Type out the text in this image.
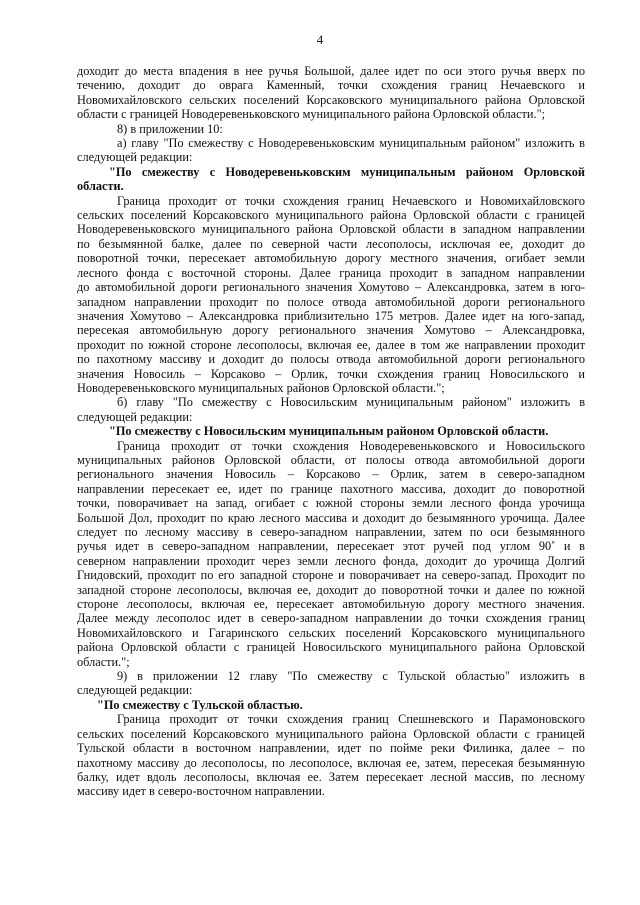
4
доходит до места впадения в нее ручья Большой, далее идет по оси этого ручья вверх по
течению, доходит до оврага Каменный, точки схождения границ Нечаевского и
Новомихайловского сельских поселений Корсаковского муниципального района Орловской
области с границей Новодеревеньковского муниципального района Орловской области.";
8) в приложении 10:
а) главу "По смежеству с Новодеревеньковским муниципальным районом" изложить в
следующей редакции:
"По смежеству с Новодеревеньковским муниципальным районом Орловской
области.
Граница проходит от точки схождения границ Нечаевского и Новомихайловского
сельских поселений Корсаковского муниципального района Орловской области с границей
Новодеревеньковского муниципального района Орловской области в западном направлении
по безымянной балке, далее по северной части лесополосы, исключая ее, доходит до
поворотной точки, пересекает автомобильную дорогу местного значения, огибает земли
лесного фонда с восточной стороны. Далее граница проходит в западном направлении
до автомобильной дороги регионального значения Хомутово – Александровка, затем в юго-
западном направлении проходит по полосе отвода автомобильной дороги регионального
значения Хомутово – Александровка приблизительно 175 метров. Далее идет на юго-запад,
пересекая автомобильную дорогу регионального значения Хомутово – Александровка,
проходит по южной стороне лесополосы, включая ее, далее в том же направлении проходит
по пахотному массиву и доходит до полосы отвода автомобильной дороги регионального
значения Новосиль – Корсаково – Орлик, точки схождения границ Новосильского и
Новодеревеньковского муниципальных районов Орловской области.";
б) главу "По смежеству с Новосильским муниципальным районом" изложить в
следующей редакции:
"По смежеству с Новосильским муниципальным районом Орловской области.
Граница проходит от точки схождения Новодеревеньковского и Новосильского
муниципальных районов Орловской области, от полосы отвода автомобильной дороги
регионального значения Новосиль – Корсаково – Орлик, затем в северо-западном
направлении пересекает ее, идет по границе пахотного массива, доходит до поворотной
точки, поворачивает на запад, огибает с южной стороны земли лесного фонда урочища
Большой Дол, проходит по краю лесного массива и доходит до безымянного урочища. Далее
следует по лесному массиву в северо-западном направлении, затем по оси безымянного
ручья идет в северо-западном направлении, пересекает этот ручей под углом 90˚ и в
северном направлении проходит через земли лесного фонда, доходит до урочища Долгий
Гнидовский, проходит по его западной стороне и поворачивает на северо-запад. Проходит по
западной стороне лесополосы, включая ее, доходит до поворотной точки и далее по южной
стороне лесополосы, включая ее, пересекает автомобильную дорогу местного значения.
Далее между лесополос идет в северо-западном направлении до точки схождения границ
Новомихайловского и Гагаринского сельских поселений Корсаковского муниципального
района Орловской области с границей Новосильского муниципального района Орловской
области.";
9) в приложении 12 главу "По смежеству с Тульской областью" изложить в
следующей редакции:
"По смежеству с Тульской областью.
Граница проходит от точки схождения границ Спешневского и Парамоновского
сельских поселений Корсаковского муниципального района Орловской области с границей
Тульской области в восточном направлении, идет по пойме реки Филинка, далее – по
пахотному массиву до лесополосы, по лесополосе, включая ее, затем, пересекая безымянную
балку, идет вдоль лесополосы, включая ее. Затем пересекает лесной массив, по лесному
массиву идет в северо-восточном направлении.
